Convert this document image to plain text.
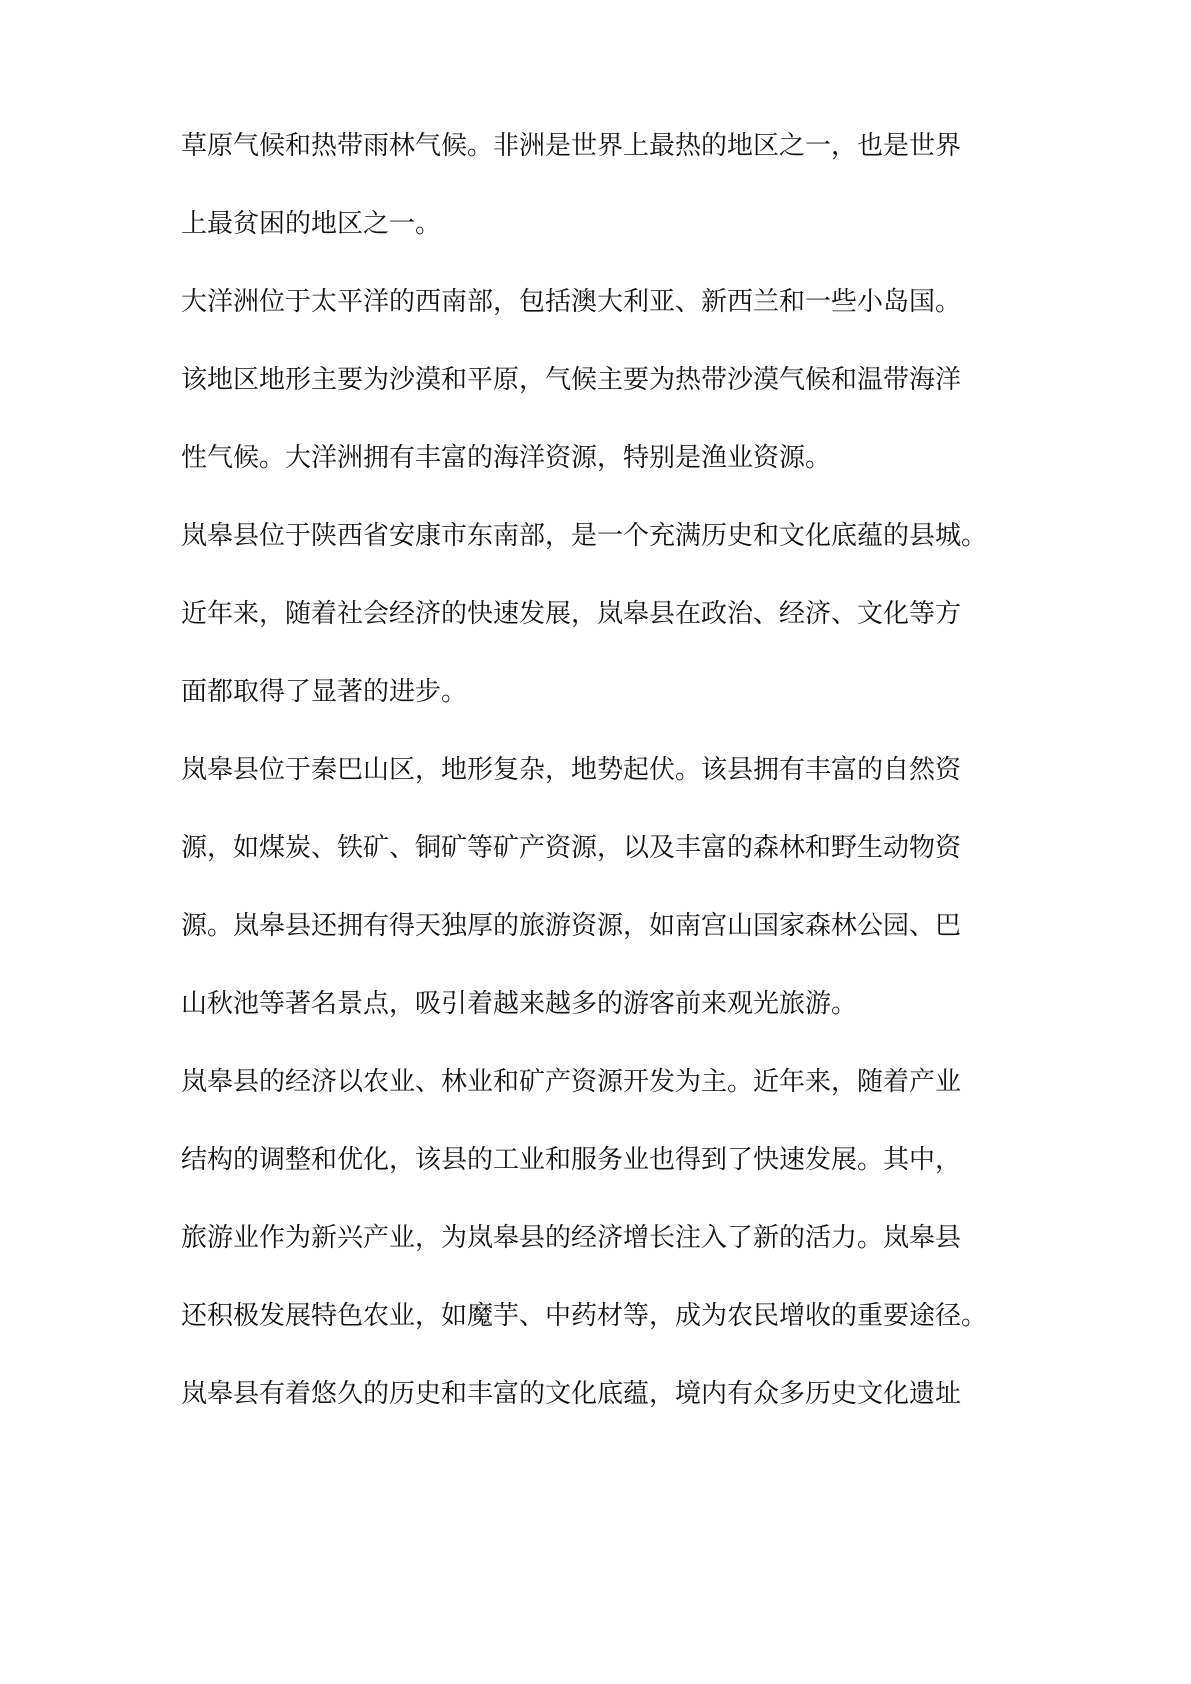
草原气候和热带雨林气候。非洲是世界上最热的地区之一，也是世界
上最贫困的地区之一。
大洋洲位于太平洋的西南部，包括澳大利亚、新西兰和一些小岛国。
该地区地形主要为沙漠和平原，气候主要为热带沙漠气候和温带海洋
性气候。大洋洲拥有丰富的海洋资源，特别是渔业资源。
岚皋县位于陕西省安康市东南部，是一个充满历史和文化底蕴的县城。
近年来，随着社会经济的快速发展，岚皋县在政治、经济、文化等方
面都取得了显著的进步。
岚皋县位于秦巴山区，地形复杂，地势起伏。该县拥有丰富的自然资
源，如煤炭、铁矿、铜矿等矿产资源，以及丰富的森林和野生动物资
源。岚皋县还拥有得天独厚的旅游资源，如南宫山国家森林公园、巴
山秋池等著名景点，吸引着越来越多的游客前来观光旅游。
岚皋县的经济以农业、林业和矿产资源开发为主。近年来，随着产业
结构的调整和优化，该县的工业和服务业也得到了快速发展。其中，
旅游业作为新兴产业，为岚皋县的经济增长注入了新的活力。岚皋县
还积极发展特色农业，如魔芋、中药材等，成为农民增收的重要途径。
岚皋县有着悠久的历史和丰富的文化底蕴，境内有众多历史文化遗址
